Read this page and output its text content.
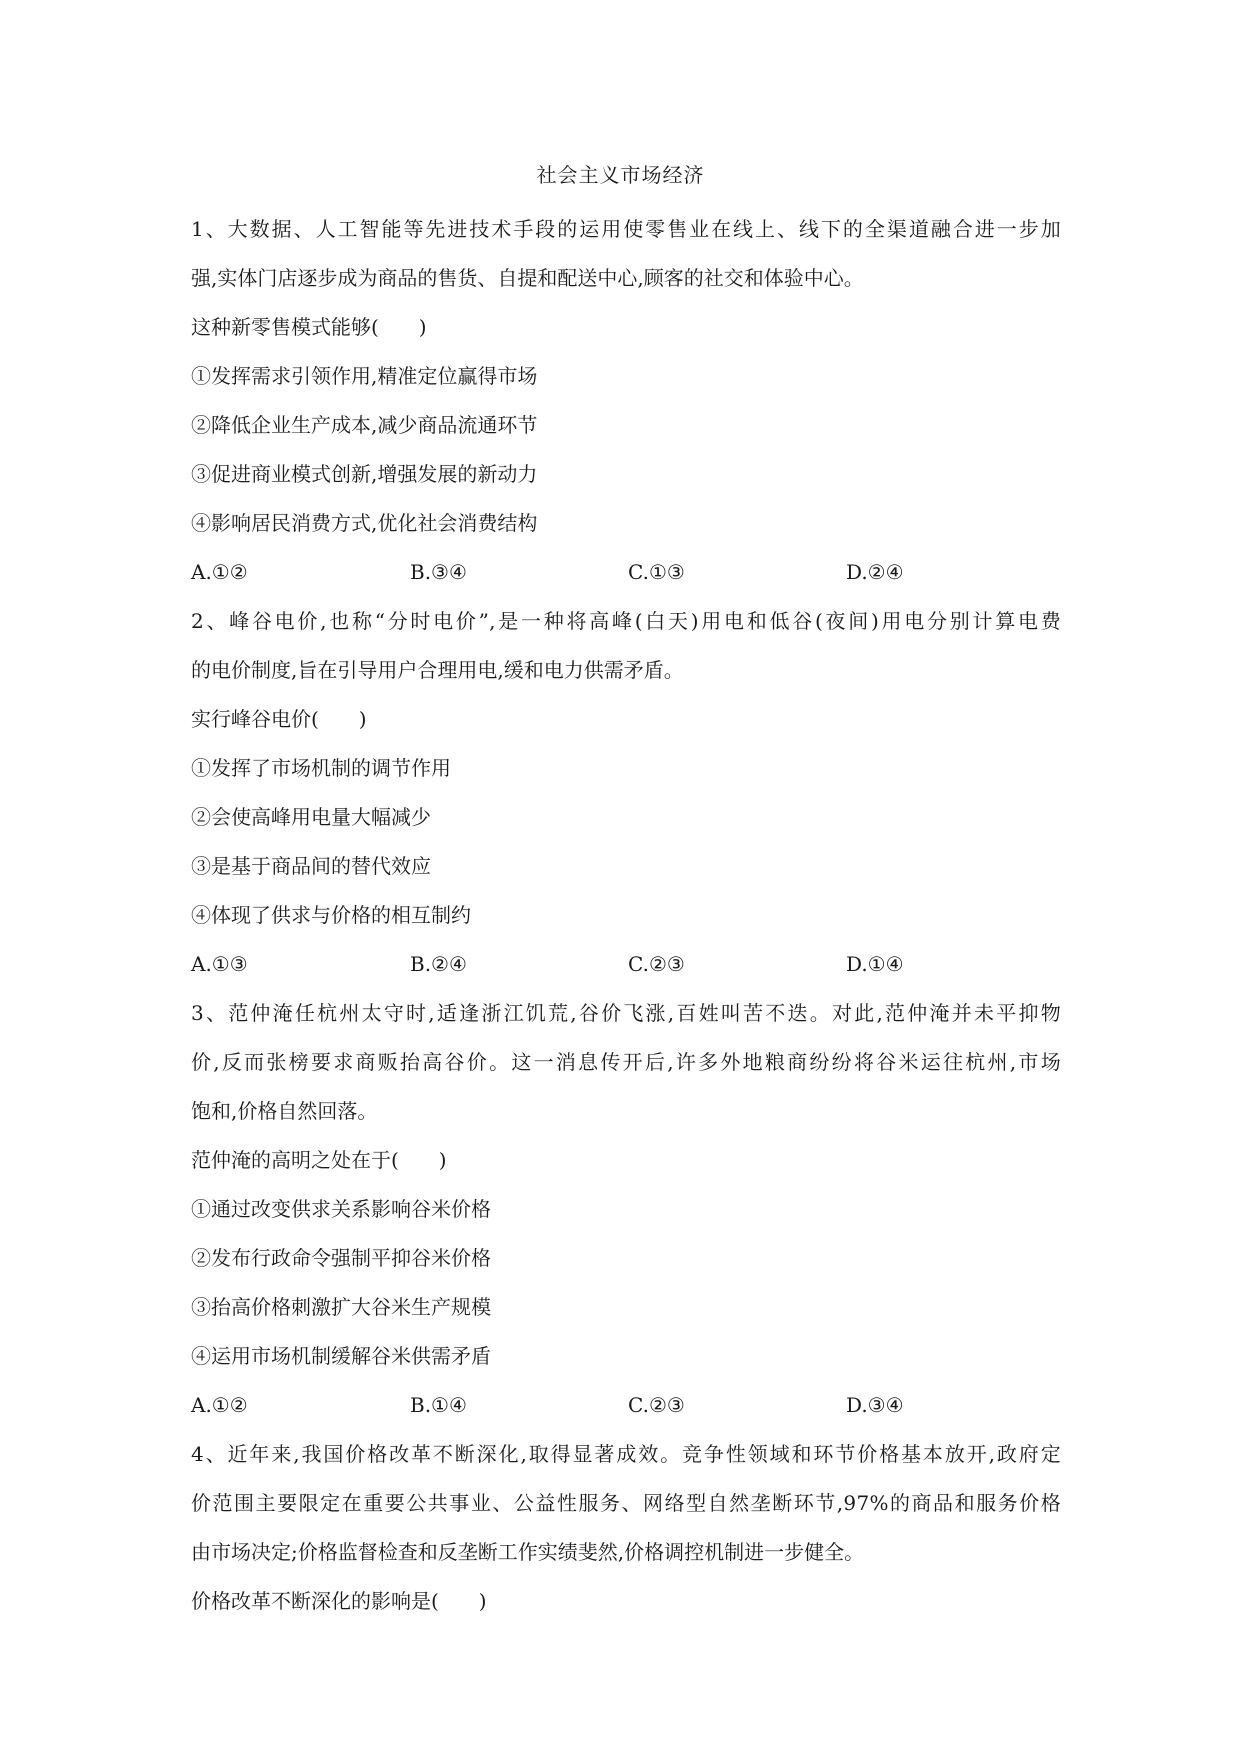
社会主义市场经济
1、大数据、人工智能等先进技术手段的运用使零售业在线上、线下的全渠道融合进一步加
强,实体门店逐步成为商品的售货、自提和配送中心,顾客的社交和体验中心。
这种新零售模式能够(　　)
①发挥需求引领作用,精准定位赢得市场
②降低企业生产成本,减少商品流通环节
③促进商业模式创新,增强发展的新动力
④影响居民消费方式,优化社会消费结构
A.①②	B.③④	C.①③	D.②④
2、峰谷电价,也称“分时电价”,是一种将高峰(白天)用电和低谷(夜间)用电分别计算电费
的电价制度,旨在引导用户合理用电,缓和电力供需矛盾。
实行峰谷电价(　　)
①发挥了市场机制的调节作用
②会使高峰用电量大幅减少
③是基于商品间的替代效应
④体现了供求与价格的相互制约
A.①③	B.②④	C.②③	D.①④
3、范仲淹任杭州太守时,适逢浙江饥荒,谷价飞涨,百姓叫苦不迭。对此,范仲淹并未平抑物
价,反而张榜要求商贩抬高谷价。这一消息传开后,许多外地粮商纷纷将谷米运往杭州,市场
饱和,价格自然回落。
范仲淹的高明之处在于(　　)
①通过改变供求关系影响谷米价格
②发布行政命令强制平抑谷米价格
③抬高价格刺激扩大谷米生产规模
④运用市场机制缓解谷米供需矛盾
A.①②	B.①④	C.②③	D.③④
4、近年来,我国价格改革不断深化,取得显著成效。竞争性领域和环节价格基本放开,政府定
价范围主要限定在重要公共事业、公益性服务、网络型自然垄断环节,97%的商品和服务价格
由市场决定;价格监督检查和反垄断工作实绩斐然,价格调控机制进一步健全。
价格改革不断深化的影响是(　　)
